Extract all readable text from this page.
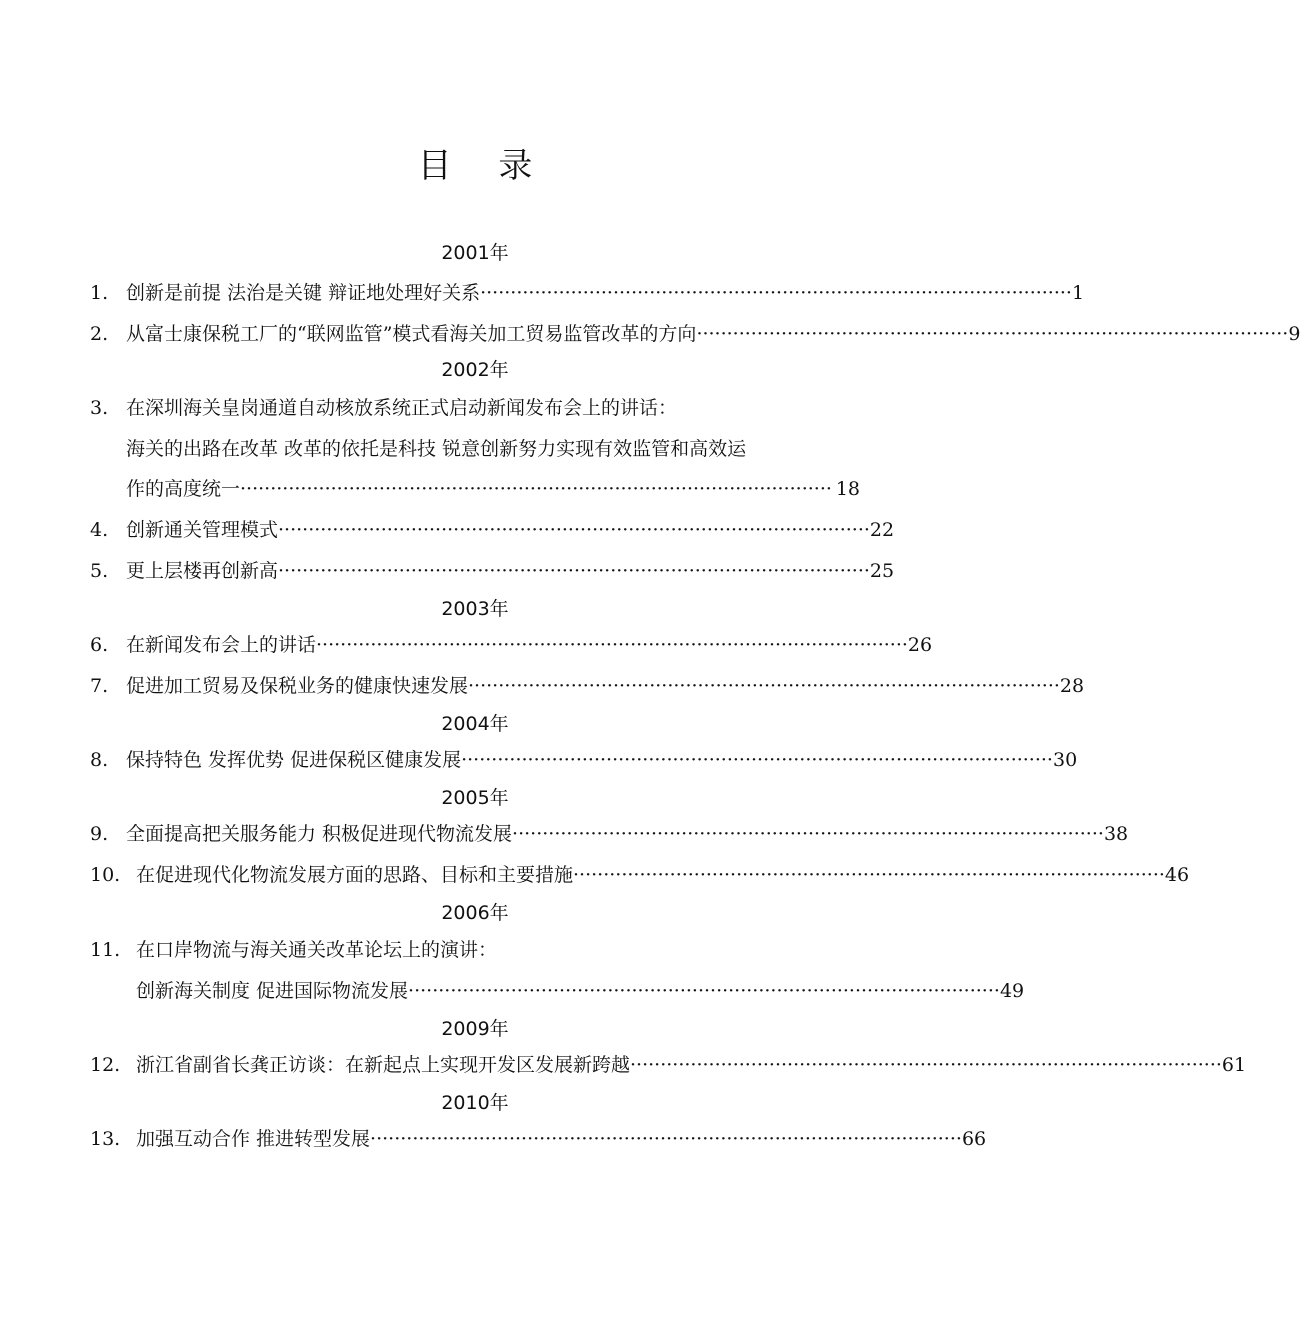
目 录
2001年
2002年
2003年
2004年
2005年
2006年
2009年
2010年
1. 创新是前提 法治是关键 辩证地处理好关系 ·································································································· 1
2. 从富士康保税工厂的“联网监管”模式看海关加工贸易监管改革的方向 ·································································································· 9
3. 在深圳海关皇岗通道自动核放系统正式启动新闻发布会上的讲话：
海关的出路在改革 改革的依托是科技 锐意创新努力实现有效监管和高效运
作的高度统一 ·································································································· 18
4. 创新通关管理模式 ·································································································· 22
5. 更上层楼再创新高 ·································································································· 25
6. 在新闻发布会上的讲话 ·································································································· 26
7. 促进加工贸易及保税业务的健康快速发展 ·································································································· 28
8. 保持特色 发挥优势 促进保税区健康发展 ·································································································· 30
9. 全面提高把关服务能力 积极促进现代物流发展 ·································································································· 38
10. 在促进现代化物流发展方面的思路、目标和主要措施 ·································································································· 46
11. 在口岸物流与海关通关改革论坛上的演讲：
创新海关制度 促进国际物流发展 ·································································································· 49
12. 浙江省副省长龚正访谈：在新起点上实现开发区发展新跨越 ·································································································· 61
13. 加强互动合作 推进转型发展 ·································································································· 66
